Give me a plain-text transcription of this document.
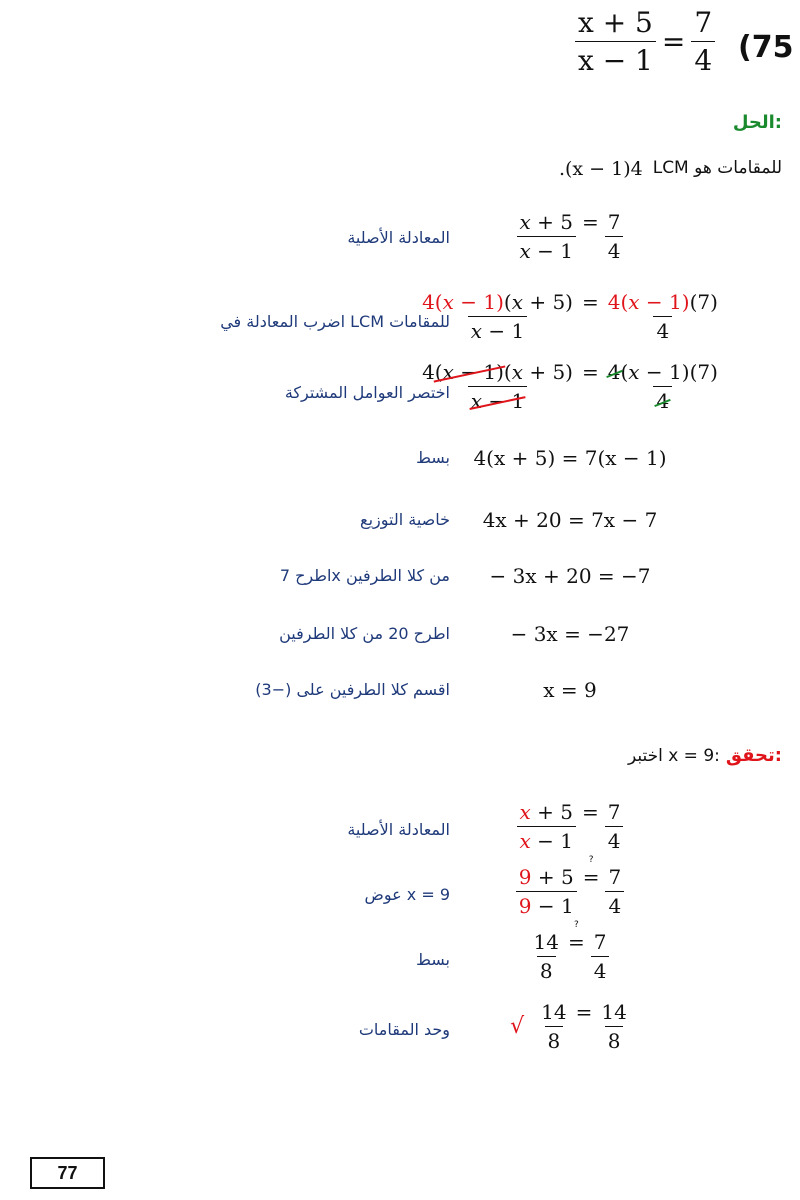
$\frac{x + 5}{x - 1} = \frac{7}{4} 57$)
الحل:
LCM للمقامات هو
4(x − 1).
المعادلة الأصلية
اضرب المعادلة في LCM للمقامات
اختصر العوامل المشتركة
بسط
خاصية التوزيع
اطرح 7x من كلا الطرفين
اطرح 20 من كلا الطرفين
اقسم كلا الطرفين على (−3)
$\frac{x + 5}{x - 1} = \frac{7}{4}$
$\frac{4(x - 1)(x + 5)}{x - 1} = \frac{4(x - 1)(7)}{4}$
$\frac{4(x - 1)(x + 5)}{x - 1} = \frac{4(x - 1)(7)}{4}$
4(x + 5) = 7(x − 1)
4x + 20 = 7x − 7
− 3x + 20 = −7
− 3x = −27
x = 9
تحقق:
اختبر x = 9:
المعادلة الأصلية
عوض x = 9
بسط
وحد المقامات
$\frac{x + 5}{x - 1} = \frac{7}{4}$
$\frac{9 + 5}{9 - 1}$ ? = $\frac{7}{4}$
$\frac{14}{8}$ ? = $\frac{7}{4}$
√ $\frac{14}{8} = \frac{14}{8}$
77
